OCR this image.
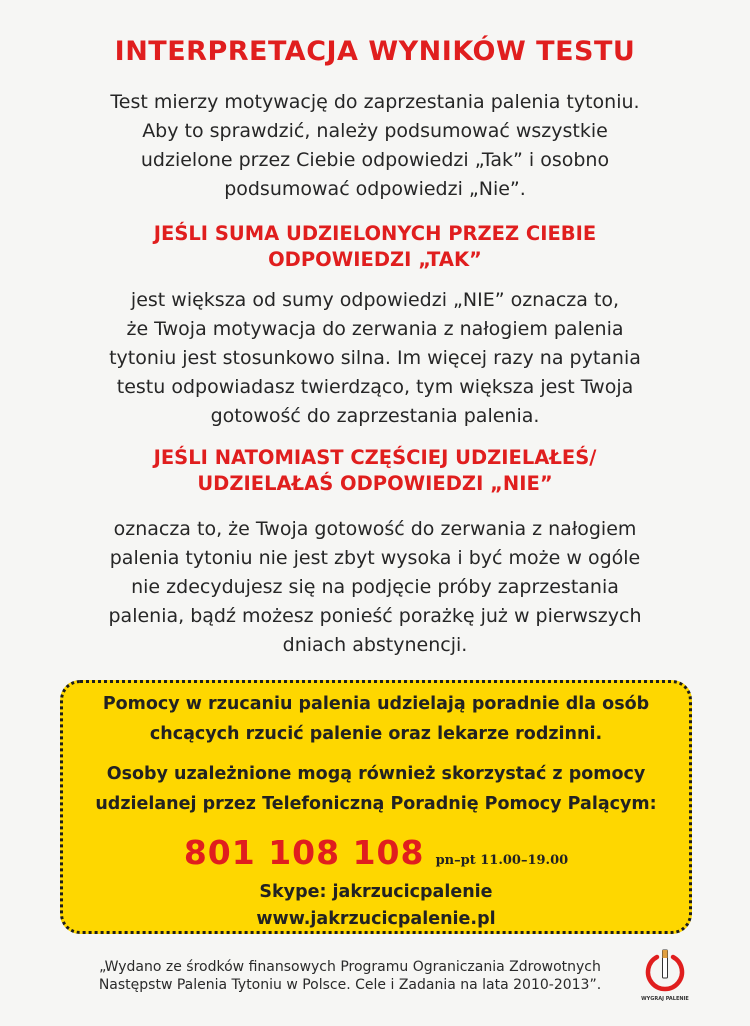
INTERPRETACJA WYNIKÓW TESTU
Test mierzy motywację do zaprzestania palenia tytoniu.
Aby to sprawdzić, należy podsumować wszystkie
udzielone przez Ciebie odpowiedzi „Tak” i osobno
podsumować odpowiedzi „Nie”.
JEŚLI SUMA UDZIELONYCH PRZEZ CIEBIE
ODPOWIEDZI „TAK”
jest większa od sumy odpowiedzi „NIE” oznacza to,
że Twoja motywacja do zerwania z nałogiem palenia
tytoniu jest stosunkowo silna. Im więcej razy na pytania
testu odpowiadasz twierdząco, tym większa jest Twoja
gotowość do zaprzestania palenia.
JEŚLI NATOMIAST CZĘŚCIEJ UDZIELAŁEŚ/
UDZIELAŁAŚ ODPOWIEDZI „NIE”
oznacza to, że Twoja gotowość do zerwania z nałogiem
palenia tytoniu nie jest zbyt wysoka i być może w ogóle
nie zdecydujesz się na podjęcie próby zaprzestania
palenia, bądź możesz ponieść porażkę już w pierwszych
dniach abstynencji.
Pomocy w rzucaniu palenia udzielają poradnie dla osób
chcących rzucić palenie oraz lekarze rodzinni.
Osoby uzależnione mogą również skorzystać z pomocy
udzielanej przez Telefoniczną Poradnię Pomocy Palącym:
801 108 108 pn–pt 11.00–19.00
Skype: jakrzucicpalenie
www.jakrzucicpalenie.pl
„Wydano ze środków finansowych Programu Ograniczania Zdrowotnych
Następstw Palenia Tytoniu w Polsce. Cele i Zadania na lata 2010-2013”.
WYGRAJ PALENIE
